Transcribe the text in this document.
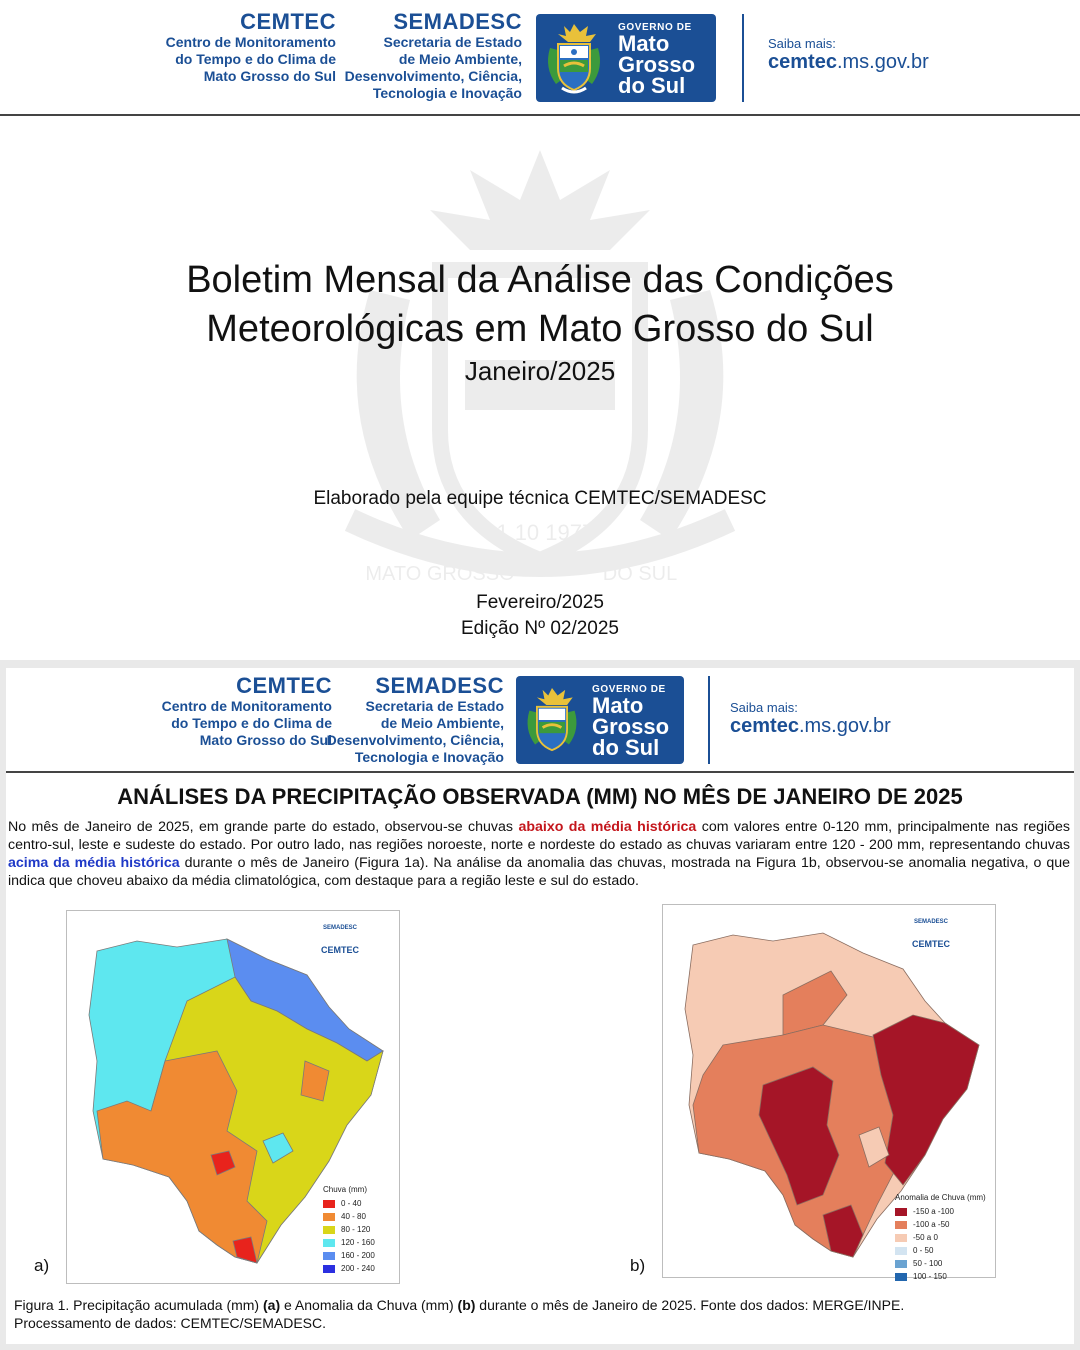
CEMTEC
Centro de Monitoramento
do Tempo e do Clima de
Mato Grosso do Sul
SEMADESC
Secretaria de Estado
de Meio Ambiente,
Desenvolvimento, Ciência,
Tecnologia e Inovação
GOVERNO DE
Mato
Grosso
do Sul
Saiba mais:
cemtec.ms.gov.br
11 10 1977
MATO GROSSO	DO SUL
Boletim Mensal da Análise das Condições
Meteorológicas em Mato Grosso do Sul
Janeiro/2025
Elaborado pela equipe técnica CEMTEC/SEMADESC
Fevereiro/2025
Edição Nº 02/2025
CEMTEC
Centro de Monitoramento
do Tempo e do Clima de
Mato Grosso do Sul
SEMADESC
Secretaria de Estado
de Meio Ambiente,
Desenvolvimento, Ciência,
Tecnologia e Inovação
GOVERNO DE
Mato
Grosso
do Sul
Saiba mais:
cemtec.ms.gov.br
ANÁLISES DA PRECIPITAÇÃO OBSERVADA (MM) NO MÊS DE JANEIRO DE 2025
No mês de Janeiro de 2025, em grande parte do estado, observou-se chuvas abaixo da média histórica com valores entre 0-120 mm, principalmente nas regiões centro-sul, leste e sudeste do estado. Por outro lado, nas regiões noroeste, norte e nordeste do estado as chuvas variaram entre 120 - 200 mm, representando chuvas acima da média histórica durante o mês de Janeiro (Figura 1a). Na análise da anomalia das chuvas, mostrada na Figura 1b, observou-se anomalia negativa, o que indica que choveu abaixo da média climatológica, com destaque para a região leste e sul do estado.
SEMADESC
CEMTEC
Chuva (mm)
0 - 40
40 - 80
80 - 120
120 - 160
160 - 200
200 - 240
a)
SEMADESC
CEMTEC
Anomalia de Chuva (mm)
-150 a -100
-100 a -50
-50 a 0
0 - 50
50 - 100
100 - 150
b)
Figura 1. Precipitação acumulada (mm) (a) e Anomalia da Chuva (mm) (b) durante o mês de Janeiro de 2025. Fonte dos dados: MERGE/INPE.
Processamento de dados: CEMTEC/SEMADESC.
